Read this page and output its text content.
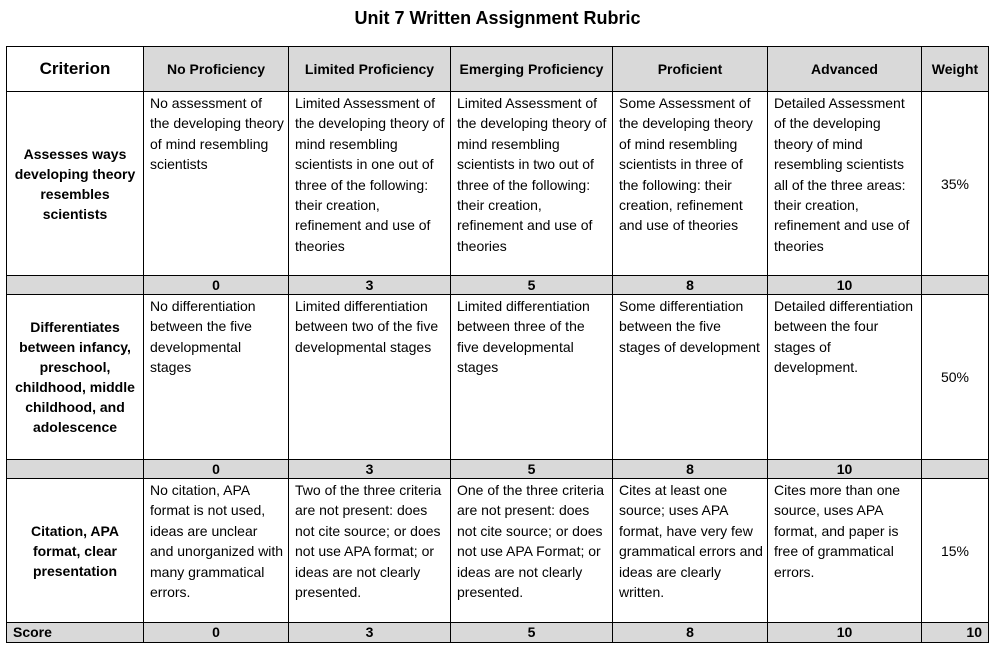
Unit 7 Written Assignment Rubric
Criterion	No Proficiency	Limited Proficiency	Emerging Proficiency	Proficient	Advanced	Weight
Assesses ways developing theory resembles scientists	No assessment of the developing theory of mind resembling scientists	Limited Assessment of the developing theory of mind resembling scientists in one out of three of the following: their creation, refinement and use of theories	Limited Assessment of the developing theory of mind resembling scientists in two out of three of the following: their creation, refinement and use of theories	Some Assessment of the developing theory of mind resembling scientists in three of the following: their creation, refinement and use of theories	Detailed Assessment of the developing theory of mind resembling scientists all of the three areas: their creation, refinement and use of theories	35%
	0	3	5	8	10	
Differentiates between infancy, preschool, childhood, middle childhood, and adolescence	No differentiation between the five developmental stages	Limited differentiation between two of the five developmental stages	Limited differentiation between three of the five developmental stages	Some differentiation between the five stages of development	Detailed differentiation between the four stages of development.	50%
	0	3	5	8	10	
Citation, APA format, clear presentation	No citation, APA format is not used, ideas are unclear and unorganized with many grammatical errors.	Two of the three criteria are not present: does not cite source; or does not use APA format; or ideas are not clearly presented.	One of the three criteria are not present: does not cite source; or does not use APA Format; or ideas are not clearly presented.	Cites at least one source; uses APA format, have very few grammatical errors and ideas are clearly written.	Cites more than one source, uses APA format, and paper is free of grammatical errors.	15%
Score	0	3	5	8	10	10
